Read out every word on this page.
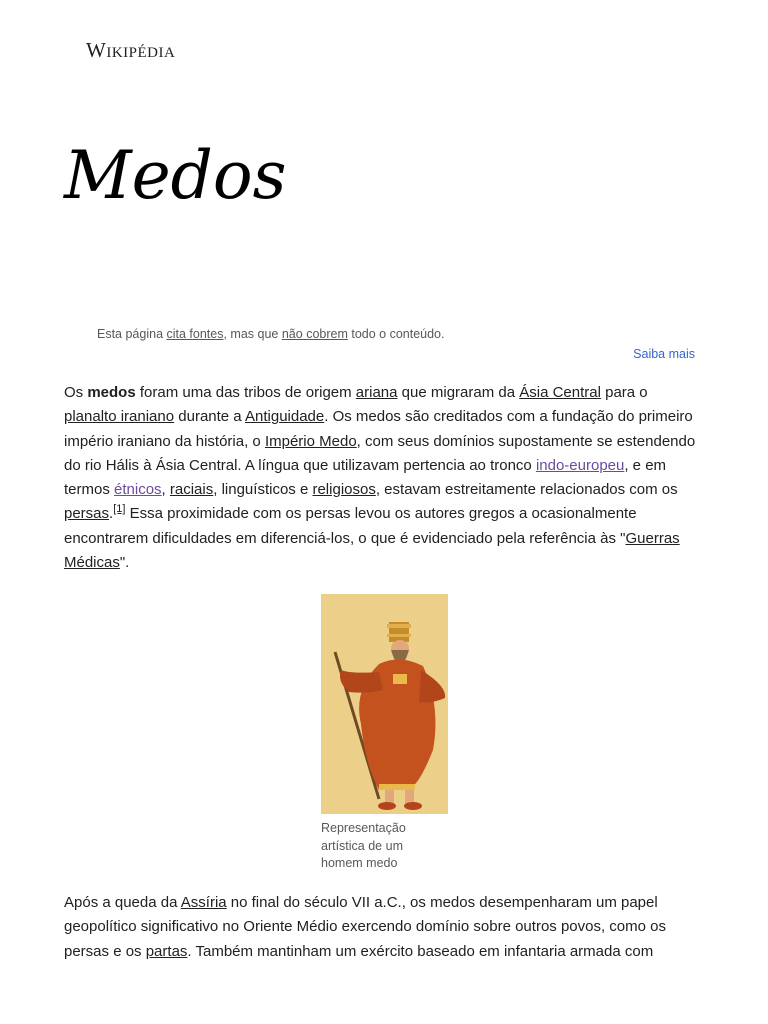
Wikipédia
Medos
Esta página cita fontes, mas que não cobrem todo o conteúdo.
Saiba mais

Os medos foram uma das tribos de origem ariana que migraram da Ásia Central para o planalto iraniano durante a Antiguidade. Os medos são creditados com a fundação do primeiro império iraniano da história, o Império Medo, com seus domínios supostamente se estendendo do rio Hális à Ásia Central. A língua que utilizavam pertencia ao tronco indo-europeu, e em termos étnicos, raciais, linguísticos e religiosos, estavam estreitamente relacionados com os persas.[1] Essa proximidade com os persas levou os autores gregos a ocasionalmente encontrarem dificuldades em diferenciá-los, o que é evidenciado pela referência às "Guerras Médicas".

Representação artística de um homem medo

Após a queda da Assíria no final do século VII a.C., os medos desempenharam um papel geopolítico significativo no Oriente Médio exercendo domínio sobre outros povos, como os persas e os partas. Também mantinham um exército baseado em infantaria armada com
